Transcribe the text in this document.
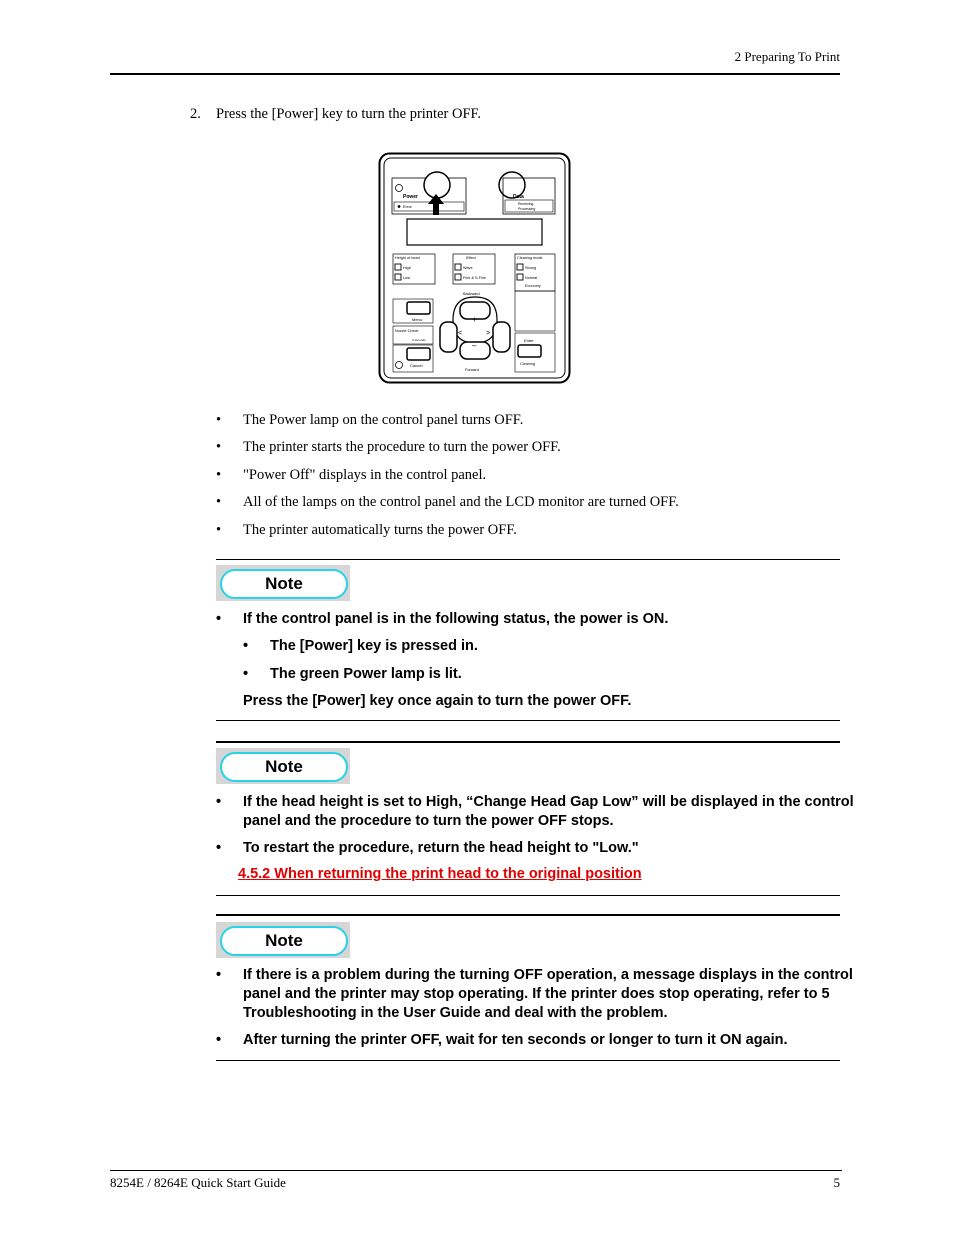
2 Preparing To Print
2. Press the [Power] key to turn the printer OFF.
Power
Error
Data
Receiving
Processing
Height of head
High
Low
Effect
Wave
Fine & S.Fine
Cleaning mode
Strong
Normal
Economy
Backward
+
–
<	>
Forward
Menu
Nozzle Check
3 seconds
Cancel
Enter
Cleaning
• The Power lamp on the control panel turns OFF.
• The printer starts the procedure to turn the power OFF.
• "Power Off" displays in the control panel.
• All of the lamps on the control panel and the LCD monitor are turned OFF.
• The printer automatically turns the power OFF.
Note
• If the control panel is in the following status, the power is ON.
• The [Power] key is pressed in.
• The green Power lamp is lit.
Press the [Power] key once again to turn the power OFF.
Note
• If the head height is set to High, “Change Head Gap Low” will be displayed in the control panel and the procedure to turn the power OFF stops.
• To restart the procedure, return the head height to "Low."
4.5.2 When returning the print head to the original position
Note
• If there is a problem during the turning OFF operation, a message displays in the control panel and the printer may stop operating. If the printer does stop operating, refer to 5 Troubleshooting in the User Guide and deal with the problem.
• After turning the printer OFF, wait for ten seconds or longer to turn it ON again.
8254E / 8264E Quick Start Guide	5
